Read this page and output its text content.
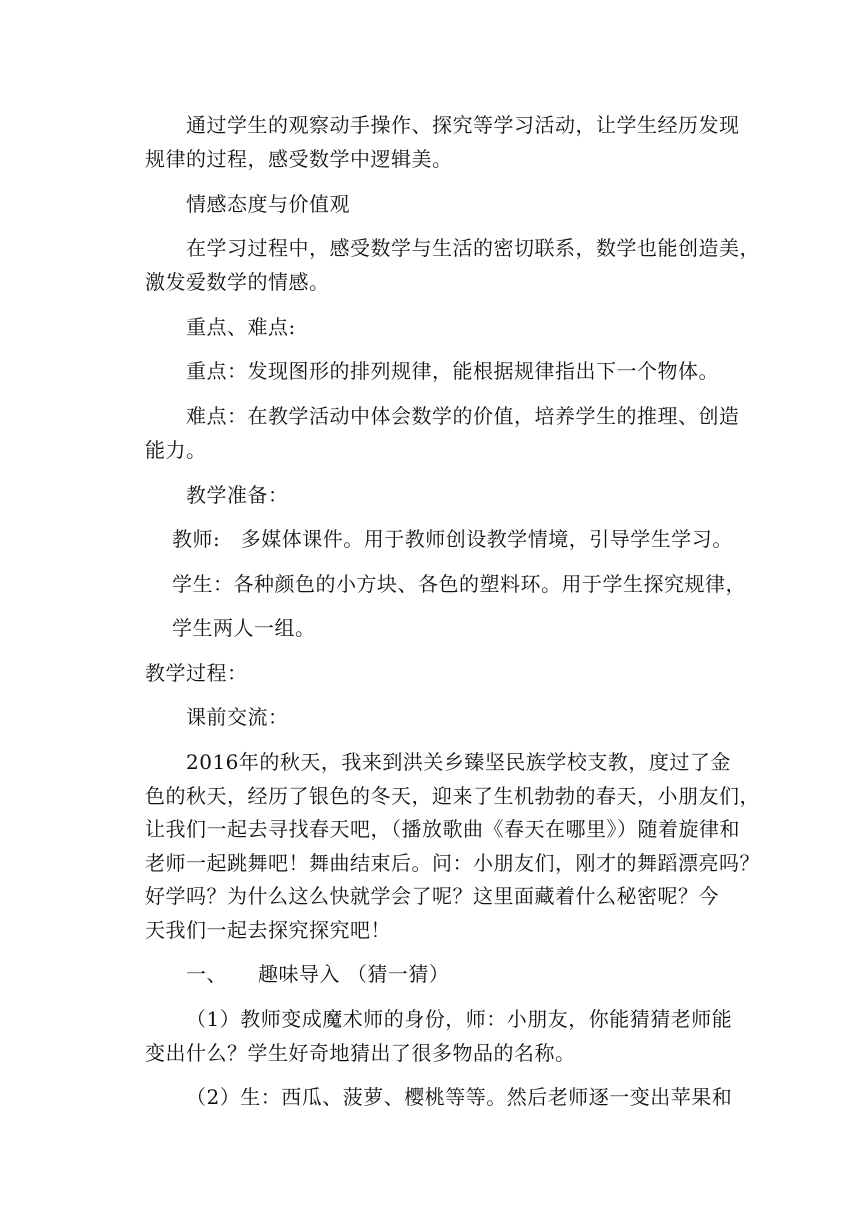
通过学生的观察动手操作、探究等学习活动，让学生经历发现
规律的过程，感受数学中逻辑美。
情感态度与价值观
在学习过程中，感受数学与生活的密切联系，数学也能创造美，
激发爱数学的情感。
重点、难点:
重点：发现图形的排列规律，能根据规律指出下一个物体。
难点：在教学活动中体会数学的价值，培养学生的推理、创造
能力。
教学准备：
教师:　多媒体课件。用于教师创设教学情境，引导学生学习。
学生：各种颜色的小方块、各色的塑料环。用于学生探究规律，
学生两人一组。
教学过程：
课前交流：
2016年的秋天，我来到洪关乡臻坚民族学校支教，度过了金
色的秋天，经历了银色的冬天，迎来了生机勃勃的春天，小朋友们，
让我们一起去寻找春天吧，（播放歌曲《春天在哪里》）随着旋律和
老师一起跳舞吧！舞曲结束后。问：小朋友们，刚才的舞蹈漂亮吗？
好学吗？为什么这么快就学会了呢？这里面藏着什么秘密呢？今
天我们一起去探究探究吧！
一、　　趣味导入 （猜一猜）
（1）教师变成魔术师的身份，师：小朋友，你能猜猜老师能
变出什么？学生好奇地猜出了很多物品的名称。
（2）生：西瓜、菠萝、樱桃等等。然后老师逐一变出苹果和
